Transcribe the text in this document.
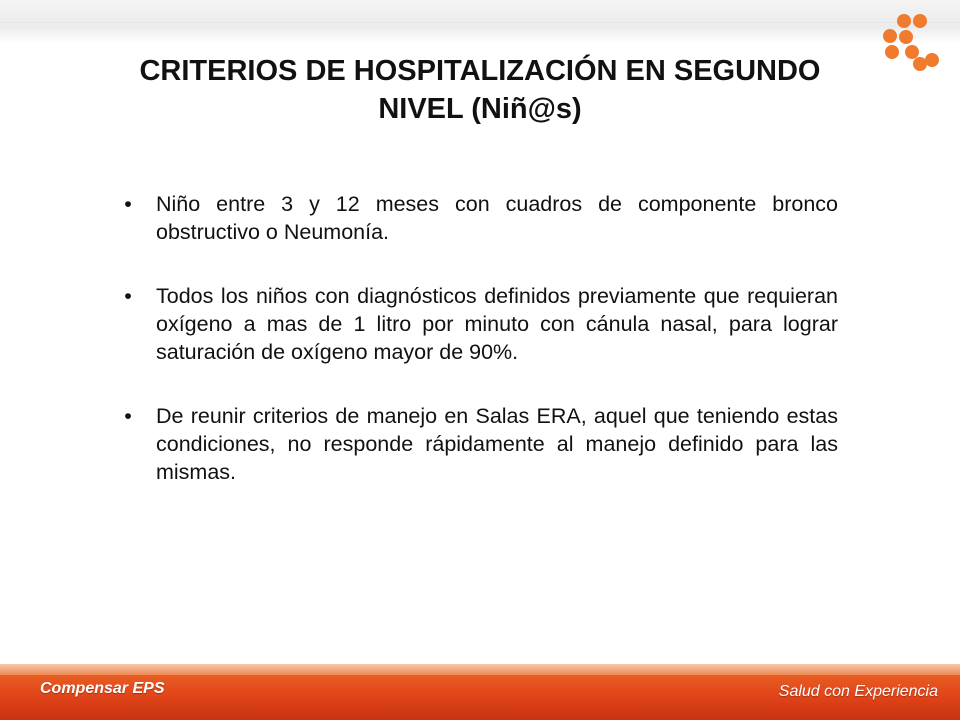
CRITERIOS DE HOSPITALIZACIÓN EN SEGUNDO
NIVEL (Niñ@s)
• Niño entre 3 y 12 meses con cuadros de componente bronco obstructivo o Neumonía.
• Todos los niños con diagnósticos definidos previamente que requieran oxígeno a mas de 1 litro por minuto con cánula nasal, para lograr saturación de oxígeno mayor de 90%.
• De reunir criterios de manejo en Salas ERA, aquel que teniendo estas condiciones, no responde rápidamente al manejo definido para las mismas.
Compensar EPS	Salud con Experiencia
